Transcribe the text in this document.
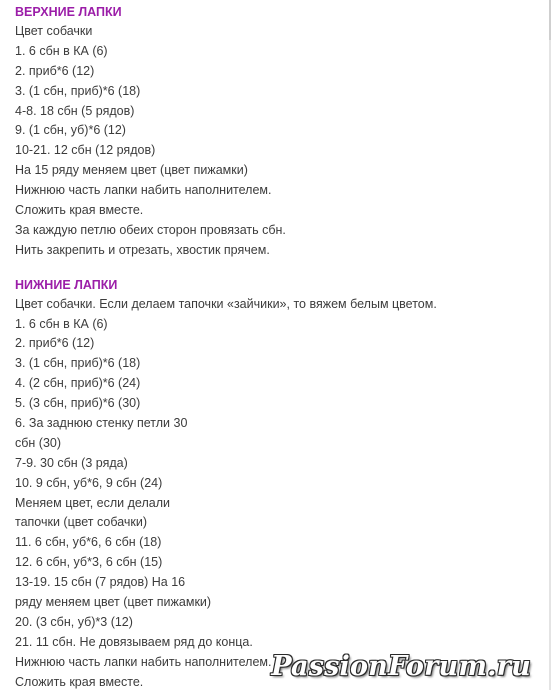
ВЕРХНИЕ ЛАПКИ
Цвет собачки
1. 6 сбн в КА (6)
2. приб*6 (12)
3. (1 сбн, приб)*6 (18)
4-8. 18 сбн (5 рядов)
9. (1 сбн, уб)*6 (12)
10-21. 12 сбн (12 рядов)
На 15 ряду меняем цвет (цвет пижамки)
Нижнюю часть лапки набить наполнителем.
Сложить края вместе.
За каждую петлю обеих сторон провязать сбн.
Нить закрепить и отрезать, хвостик прячем.
НИЖНИЕ ЛАПКИ
Цвет собачки. Если делаем тапочки «зайчики», то вяжем белым цветом.
1. 6 сбн в КА (6)
2. приб*6 (12)
3. (1 сбн, приб)*6 (18)
4. (2 сбн, приб)*6 (24)
5. (3 сбн, приб)*6 (30)
6. За заднюю стенку петли 30
сбн (30)
7-9. 30 сбн (3 ряда)
10. 9 сбн, уб*6, 9 сбн (24)
Меняем цвет, если делали
тапочки (цвет собачки)
11. 6 сбн, уб*6, 6 сбн (18)
12. 6 сбн, уб*3, 6 сбн (15)
13-19. 15 сбн (7 рядов) На 16
ряду меняем цвет (цвет пижамки)
20. (3 сбн, уб)*3 (12)
21. 11 сбн. Не довязываем ряд до конца.
Нижнюю часть лапки набить наполнителем.
Сложить края вместе.	PassionForum.ru
